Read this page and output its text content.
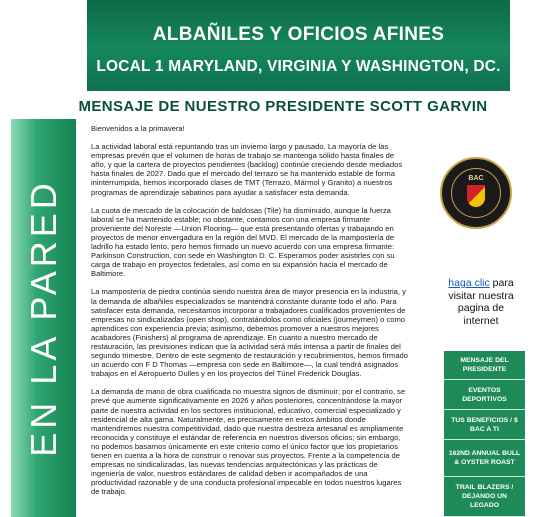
ALBAÑILES Y OFICIOS AFINES
LOCAL 1 MARYLAND, VIRGINIA Y WASHINGTON, DC.
MENSAJE DE NUESTRO PRESIDENTE SCOTT GARVIN
EN LA PARED

Bienvenidos a la primavera!

La actividad laboral está repuntando tras un invierno largo y pausado. La mayoría de las empresas prevén que el volumen de horas de trabajo se mantenga sólido hasta finales de año, y que la cartera de proyectos pendientes (backlog) continúe creciendo desde mediados hasta finales de 2027. Dado que el mercado del terrazo se ha mantenido estable de forma ininterrumpida, hemos incorporado clases de TMT (Terrazo, Mármol y Granito) a nuestros programas de aprendizaje sabatinos para ayudar a satisfacer esta demanda.

La cuota de mercado de la colocación de baldosas (Tile) ha disminuido, aunque la fuerza laboral se ha mantenido estable; no obstante, contamos con una empresa firmante proveniente del Noreste —Union Flooring— que está presentando ofertas y trabajando en proyectos de menor envergadura en la región del MVD. El mercado de la mampostería de ladrillo ha estado lento, pero hemos firmado un nuevo acuerdo con una empresa firmante: Parkinson Construction, con sede en Washington D. C. Esperamos poder asistirles con su carga de trabajo en proyectos federales, así como en su expansión hacia el mercado de Baltimore.

La mampostería de piedra continúa siendo nuestra área de mayor presencia en la industria, y la demanda de albañiles especializados se mantendrá constante durante todo el año. Para satisfacer esta demanda, necesitamos incorporar a trabajadores cualificados provenientes de empresas no sindicalizadas (open shop), contratándolos como oficiales (journeymen) o como aprendices con experiencia previa; asimismo, debemos promover a nuestros mejores acabadores (Finishers) al programa de aprendizaje. En cuanto a nuestro mercado de restauración, las previsiones indican que la actividad será más intensa a partir de finales del segundo trimestre. Dentro de este segmento de restauración y recubrimientos, hemos firmado un acuerdo con F D Thomas —empresa con sede en Baltimore—, la cual tendrá asignados trabajos en el Aeropuerto Dulles y en los proyectos del Túnel Frederick Douglas.

La demanda de mano de obra cualificada no muestra signos de disminuir; por el contrario, se prevé que aumente significativamente en 2026 y años posteriores, concentrándose la mayor parte de nuestra actividad en los sectores institucional, educativo, comercial especializado y residencial de alta gama. Naturalmente, es precisamente en estos ámbitos donde mantendremos nuestra competitividad, dado que nuestra destreza artesanal es ampliamente reconocida y constituye el estándar de referencia en nuestros diversos oficios; sin embargo, no podemos basarnos únicamente en este criterio como el único factor que los propietarios tienen en cuenta a la hora de construir o renovar sus proyectos. Frente a la competencia de empresas no sindicalizadas, las nuevas tendencias arquitectónicas y las prácticas de ingeniería de valor, nuestros estándares de calidad deben ir acompañados de una productividad razonable y de una conducta profesional impecable en todos nuestros lugares de trabajo.

BAC
haga clic para visitar nuestra pagina de internet
MENSAJE DEL PRESIDENTE
EVENTOS DEPORTIVOS
TUS BENEFICIOS / $ BAC A TI
162ND ANNUAL BULL & OYSTER ROAST
TRAIL BLAZERS / DEJANDO UN LEGADO
